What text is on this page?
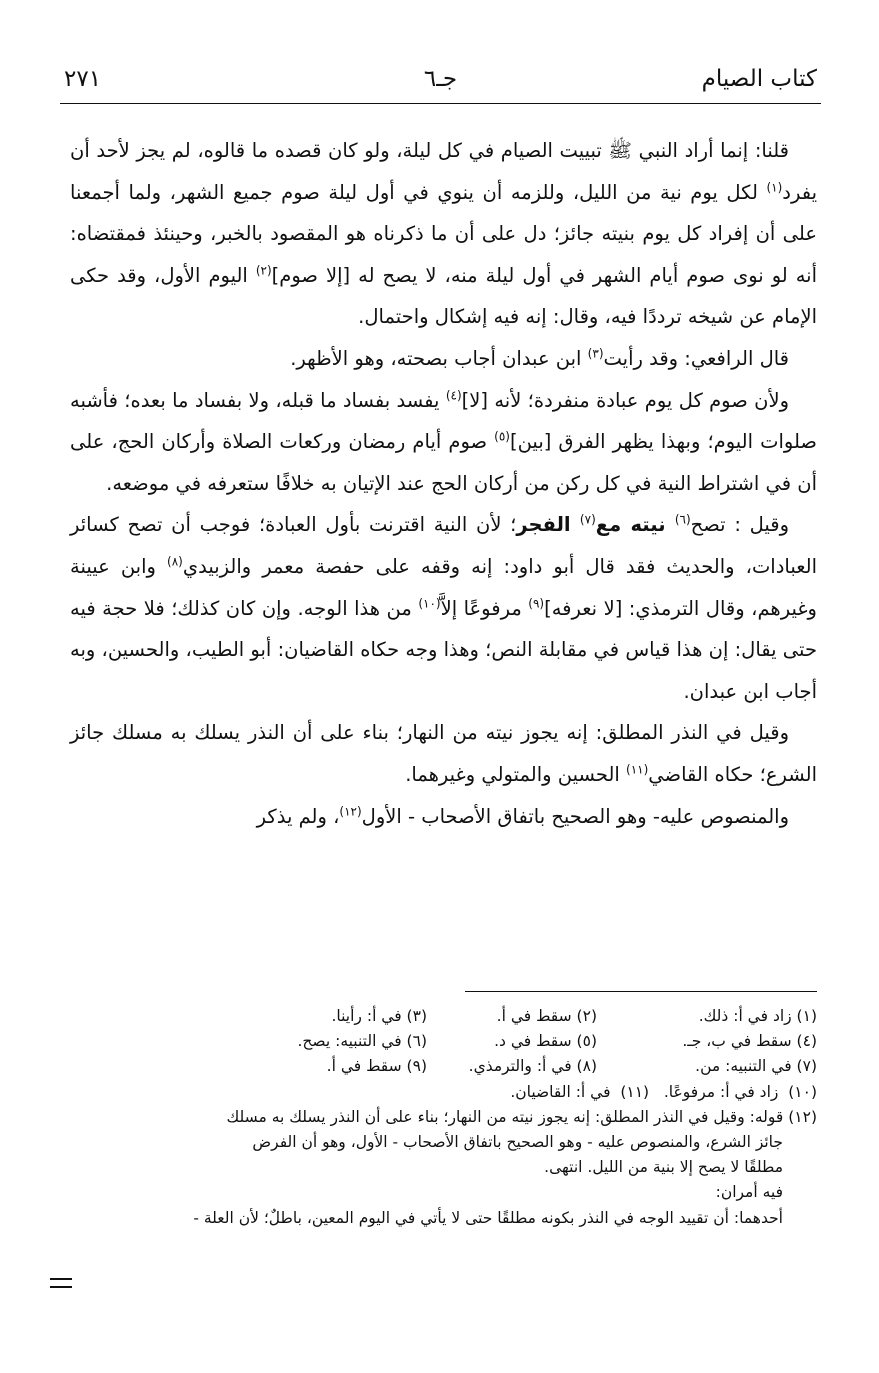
كتاب الصيام
جـ٦
٢٧١

قلنا: إنما أراد النبي ﷺ تبييت الصيام في كل ليلة، ولو كان قصده ما قالوه، لم يجز لأحد أن يفرد$^{(١)}$ لكل يوم نية من الليل، وللزمه أن ينوي في أول ليلة صوم جميع الشهر، ولما أجمعنا على أن إفراد كل يوم بنيته جائز؛ دل على أن ما ذكرناه هو المقصود بالخبر، وحينئذ فمقتضاه: أنه لو نوى صوم أيام الشهر في أول ليلة منه، لا يصح له [إلا صوم]$^{(٢)}$ اليوم الأول، وقد حكى الإمام عن شيخه ترددًا فيه، وقال: إنه فيه إشكال واحتمال.

قال الرافعي: وقد رأيت$^{(٣)}$ ابن عبدان أجاب بصحته، وهو الأظهر.

ولأن صوم كل يوم عبادة منفردة؛ لأنه [لا]$^{(٤)}$ يفسد بفساد ما قبله، ولا بفساد ما بعده؛ فأشبه صلوات اليوم؛ وبهذا يظهر الفرق [بين]$^{(٥)}$ صوم أيام رمضان وركعات الصلاة وأركان الحج، على أن في اشتراط النية في كل ركن من أركان الحج عند الإتيان به خلافًا ستعرفه في موضعه.

وقيل : تصح$^{(٦)}$ نيته مع$^{(٧)}$ الفجر؛ لأن النية اقترنت بأول العبادة؛ فوجب أن تصح كسائر العبادات، والحديث فقد قال أبو داود: إنه وقفه على حفصة معمر والزبيدي$^{(٨)}$ وابن عيينة وغيرهم، وقال الترمذي: [لا نعرفه]$^{(٩)}$ مرفوعًا إلاَّ$^{(١٠)}$ من هذا الوجه. وإن كان كذلك؛ فلا حجة فيه حتى يقال: إن هذا قياس في مقابلة النص؛ وهذا وجه حكاه القاضيان: أبو الطيب، والحسين، وبه أجاب ابن عبدان.

وقيل في النذر المطلق: إنه يجوز نيته من النهار؛ بناء على أن النذر يسلك به مسلك جائز الشرع؛ حكاه القاضي$^{(١١)}$ الحسين والمتولي وغيرهما.

والمنصوص عليه- وهو الصحيح باتفاق الأصحاب - الأول$^{(١٢)}$، ولم يذكر

(١) زاد في أ: ذلك.
(٢) سقط في أ.
(٣) في أ: رأينا.
(٤) سقط في ب، جـ.
(٥) سقط في د.
(٦) في التنبيه: يصح.
(٧) في التنبيه: من.
(٨) في أ: والترمذي.
(٩) سقط في أ.
(١٠)  زاد في أ: مرفوعًا.   (١١)  في أ: القاضيان.
(١٢) قوله: وقيل في النذر المطلق: إنه يجوز نيته من النهار؛ بناء على أن النذر يسلك به مسلك
جائز الشرع، والمنصوص عليه - وهو الصحيح باتفاق الأصحاب - الأول، وهو أن الفرض
مطلقًا لا يصح إلا بنية من الليل. انتهى.
فيه أمران:
أحدهما: أن تقييد الوجه في النذر بكونه مطلقًا حتى لا يأتي في اليوم المعين، باطلٌ؛ لأن العلة -
